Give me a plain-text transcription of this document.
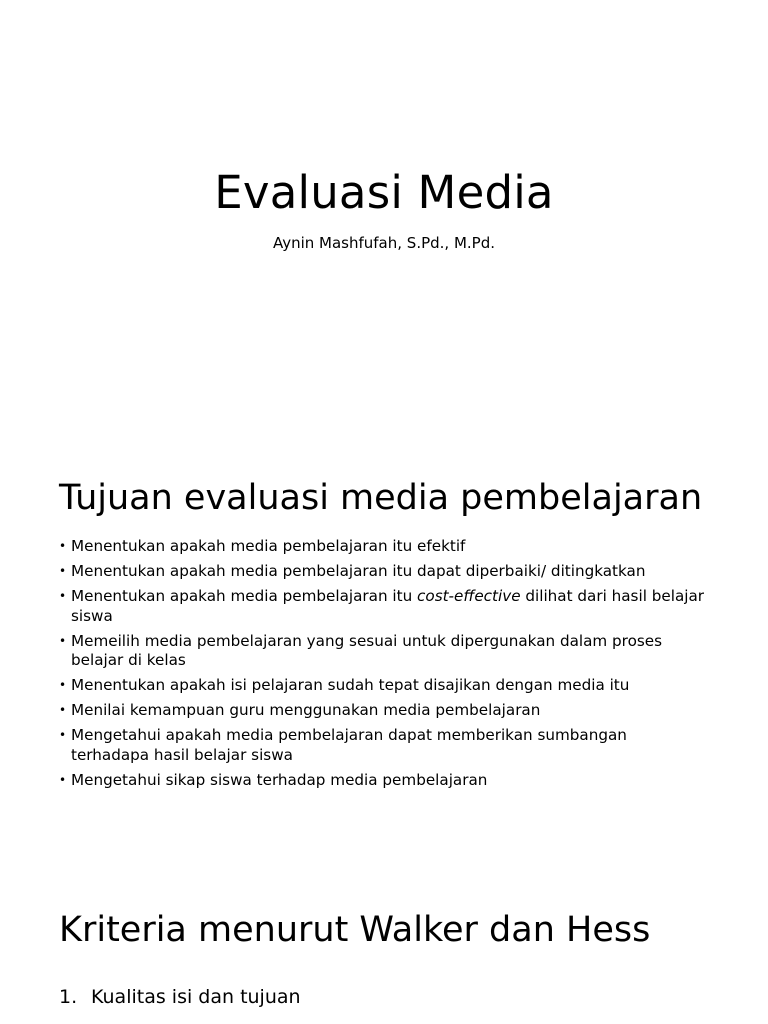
Evaluasi Media
Aynin Mashfufah, S.Pd., M.Pd.
Tujuan evaluasi media pembelajaran
• Menentukan apakah media pembelajaran itu efektif
• Menentukan apakah media pembelajaran itu dapat diperbaiki/ ditingkatkan
• Menentukan apakah media pembelajaran itu cost-effective dilihat dari hasil belajar siswa
• Memeilih media pembelajaran yang sesuai untuk dipergunakan dalam proses belajar di kelas
• Menentukan apakah isi pelajaran sudah tepat disajikan dengan media itu
• Menilai kemampuan guru menggunakan media pembelajaran
• Mengetahui apakah media pembelajaran dapat memberikan sumbangan terhadapa hasil belajar siswa
• Mengetahui sikap siswa terhadap media pembelajaran
Kriteria menurut Walker dan Hess
1. Kualitas isi dan tujuan
